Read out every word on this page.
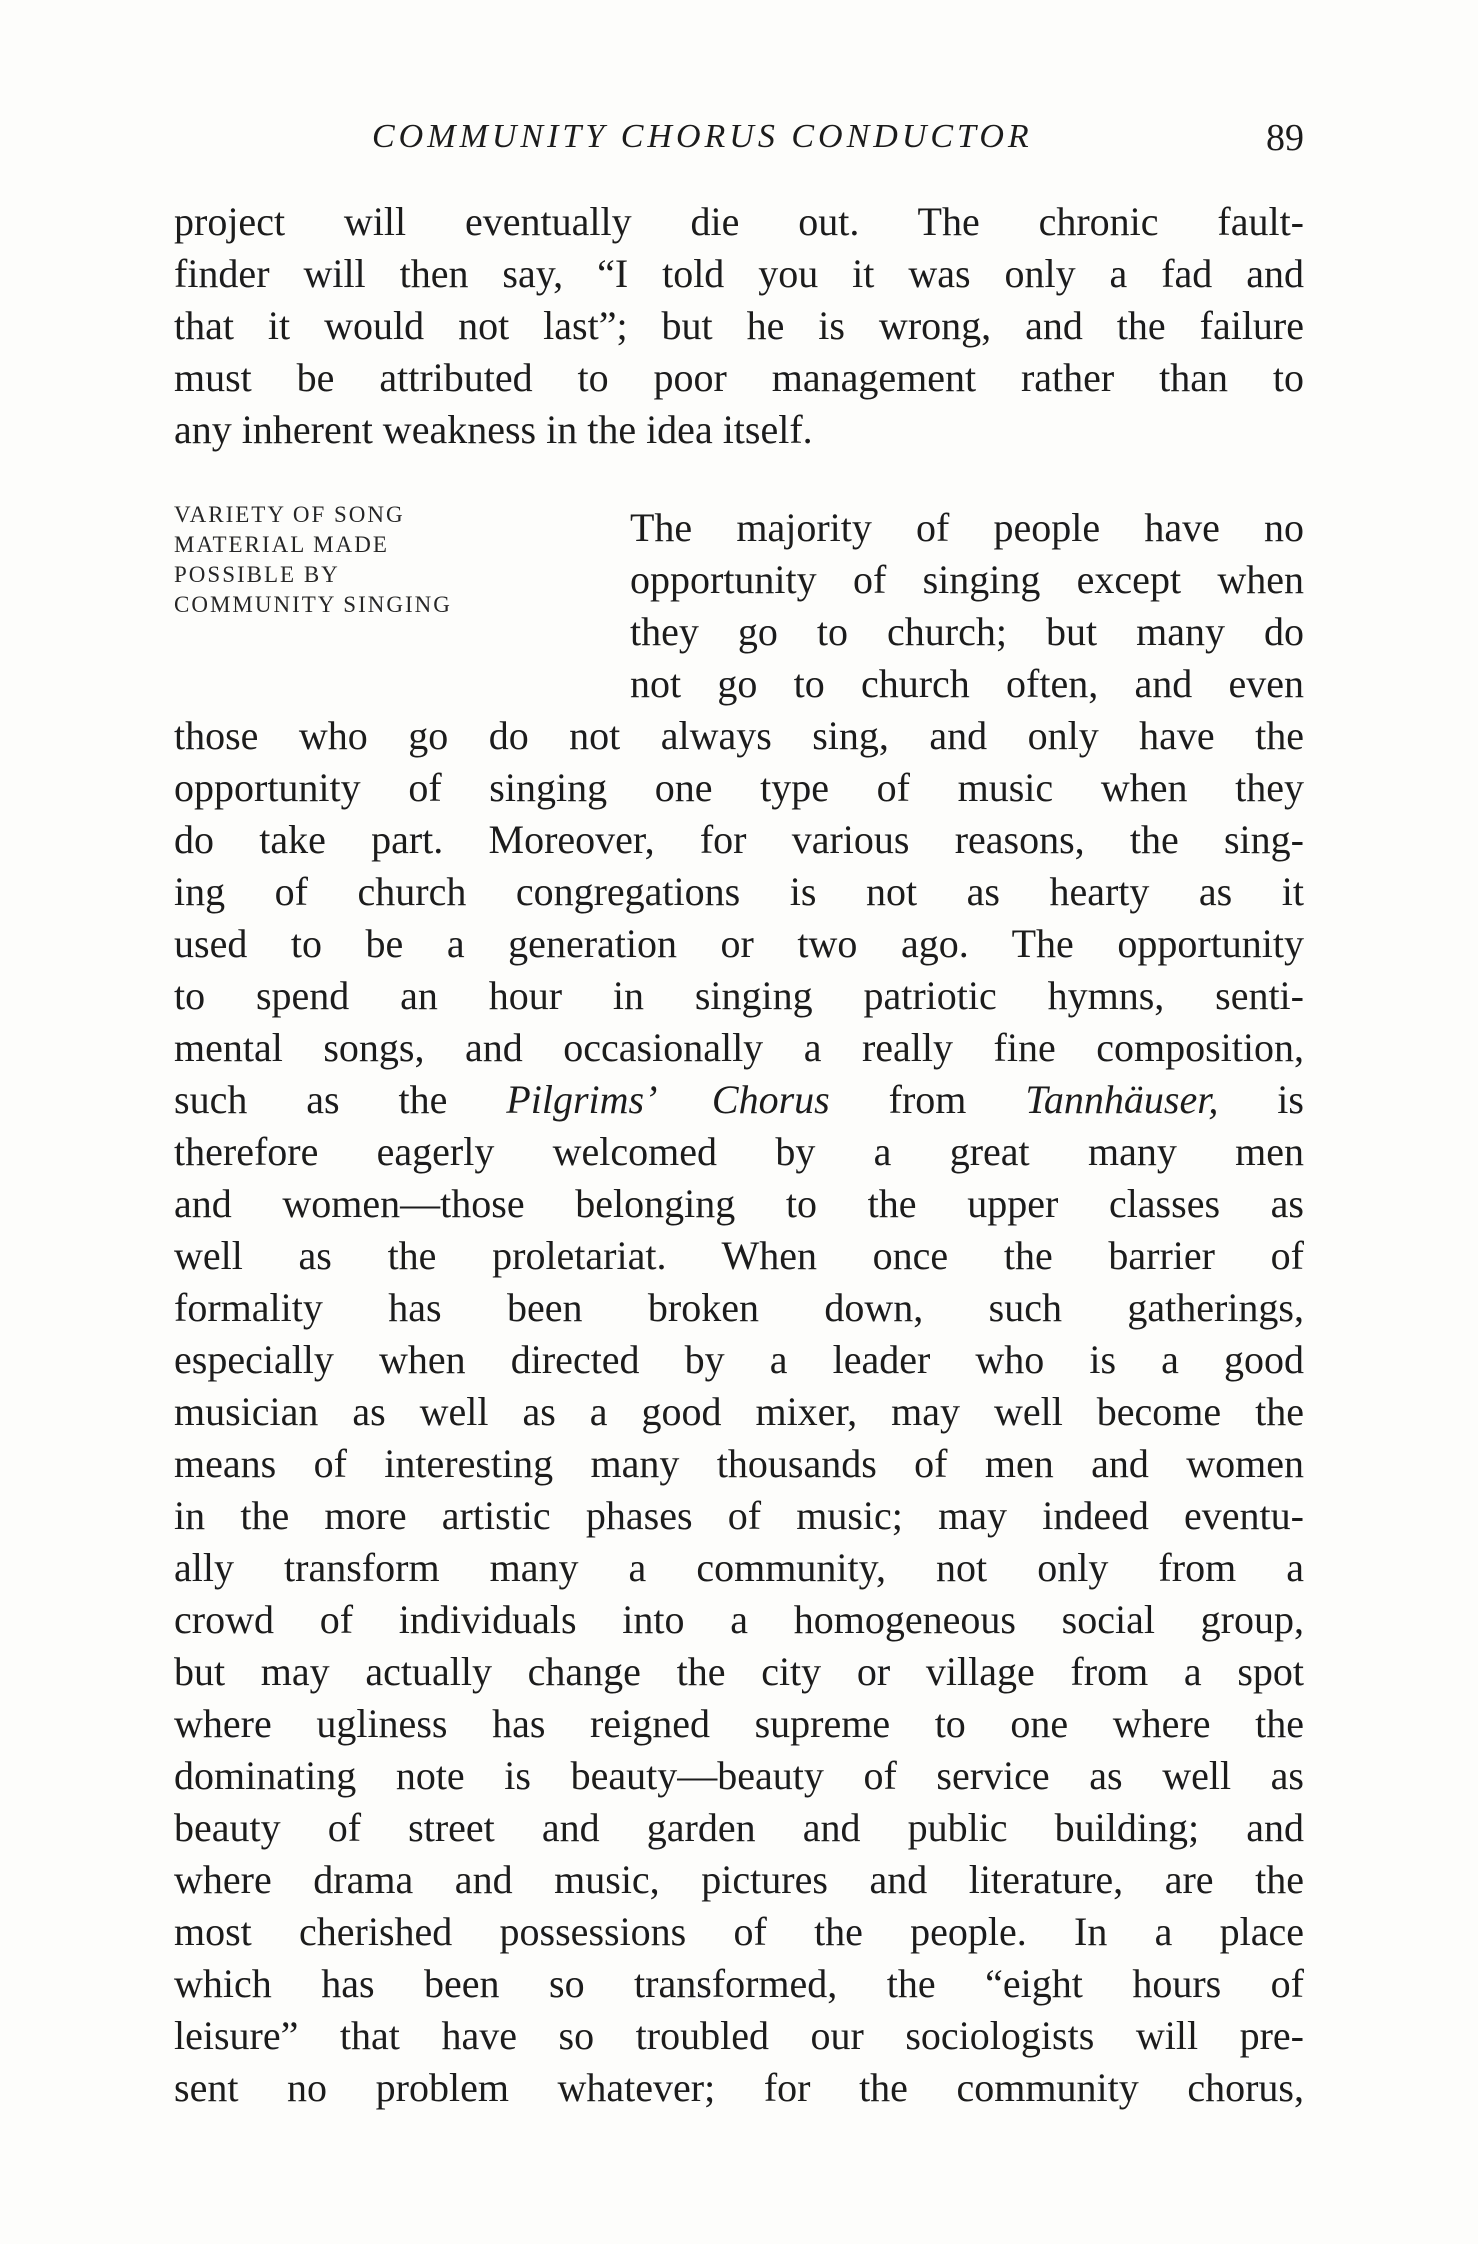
COMMUNITY CHORUS CONDUCTOR	89
project will eventually die out. The chronic fault-
finder will then say, “I told you it was only a fad and
that it would not last”; but he is wrong, and the failure
must be attributed to poor management rather than to
any inherent weakness in the idea itself.
VARIETY OF SONG
MATERIAL MADE
POSSIBLE BY
COMMUNITY SINGING
The majority of people have no
opportunity of singing except when
they go to church; but many do
not go to church often, and even
those who go do not always sing, and only have the
opportunity of singing one type of music when they
do take part. Moreover, for various reasons, the sing-
ing of church congregations is not as hearty as it
used to be a generation or two ago. The opportunity
to spend an hour in singing patriotic hymns, senti-
mental songs, and occasionally a really fine composition,
such as the Pilgrims’ Chorus from Tannhäuser, is
therefore eagerly welcomed by a great many men
and women—those belonging to the upper classes as
well as the proletariat. When once the barrier of
formality has been broken down, such gatherings,
especially when directed by a leader who is a good
musician as well as a good mixer, may well become the
means of interesting many thousands of men and women
in the more artistic phases of music; may indeed eventu-
ally transform many a community, not only from a
crowd of individuals into a homogeneous social group,
but may actually change the city or village from a spot
where ugliness has reigned supreme to one where the
dominating note is beauty—beauty of service as well as
beauty of street and garden and public building; and
where drama and music, pictures and literature, are the
most cherished possessions of the people. In a place
which has been so transformed, the “eight hours of
leisure” that have so troubled our sociologists will pre-
sent no problem whatever; for the community chorus,
